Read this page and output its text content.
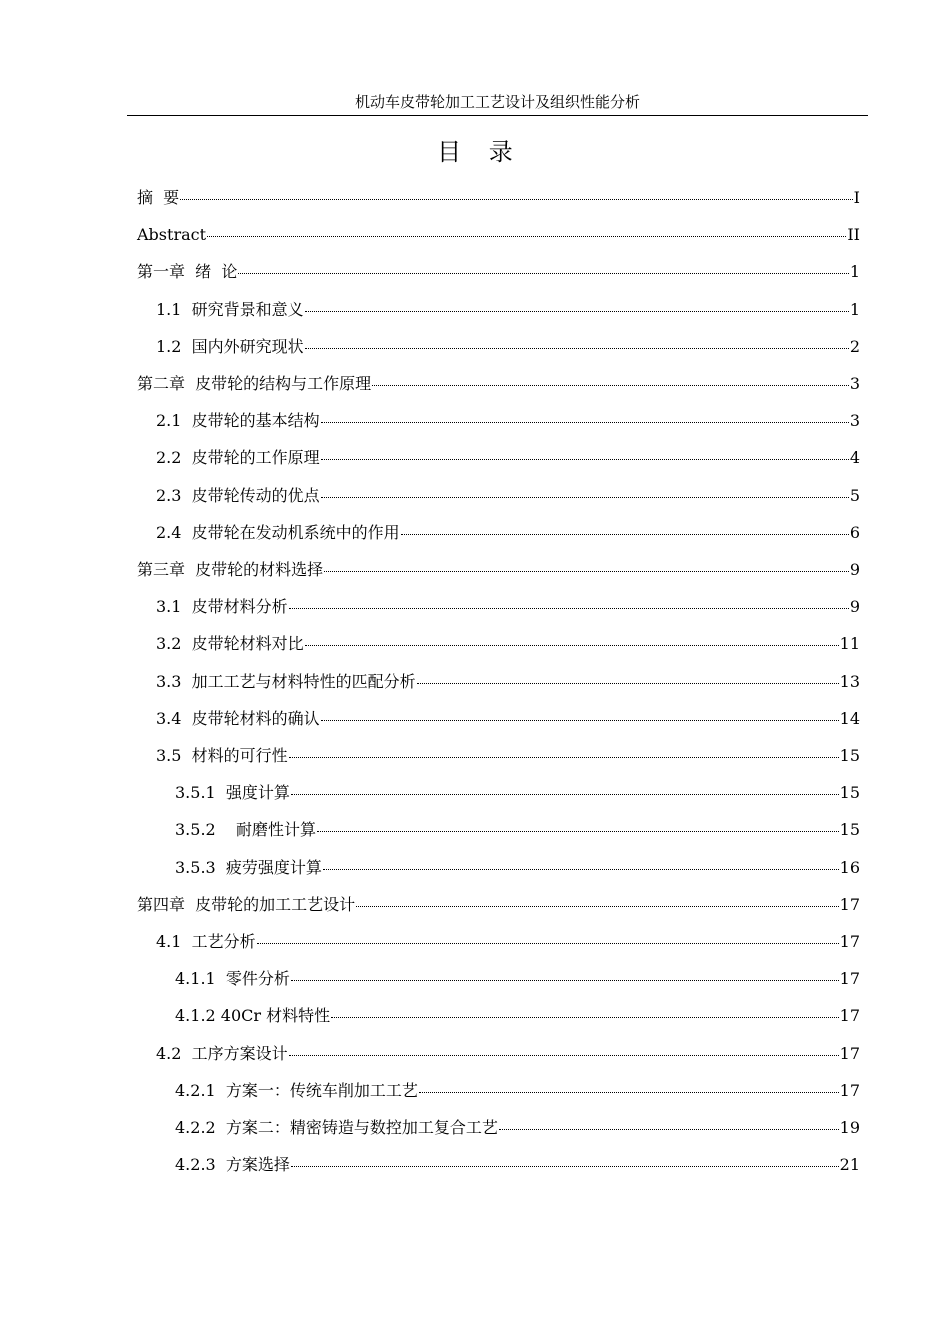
机动车皮带轮加工工艺设计及组织性能分析
目 录
摘  要	I
Abstract	II
第一章  绪  论	1
1.1  研究背景和意义	1
1.2  国内外研究现状	2
第二章  皮带轮的结构与工作原理	3
2.1  皮带轮的基本结构	3
2.2  皮带轮的工作原理	4
2.3  皮带轮传动的优点	5
2.4  皮带轮在发动机系统中的作用	6
第三章  皮带轮的材料选择	9
3.1  皮带材料分析	9
3.2  皮带轮材料对比	11
3.3  加工工艺与材料特性的匹配分析	13
3.4  皮带轮材料的确认	14
3.5  材料的可行性	15
3.5.1  强度计算	15
3.5.2    耐磨性计算	15
3.5.3  疲劳强度计算	16
第四章  皮带轮的加工工艺设计	17
4.1  工艺分析	17
4.1.1  零件分析	17
4.1.2 40Cr 材料特性	17
4.2  工序方案设计	17
4.2.1  方案一：传统车削加工工艺	17
4.2.2  方案二：精密铸造与数控加工复合工艺	19
4.2.3  方案选择	21
